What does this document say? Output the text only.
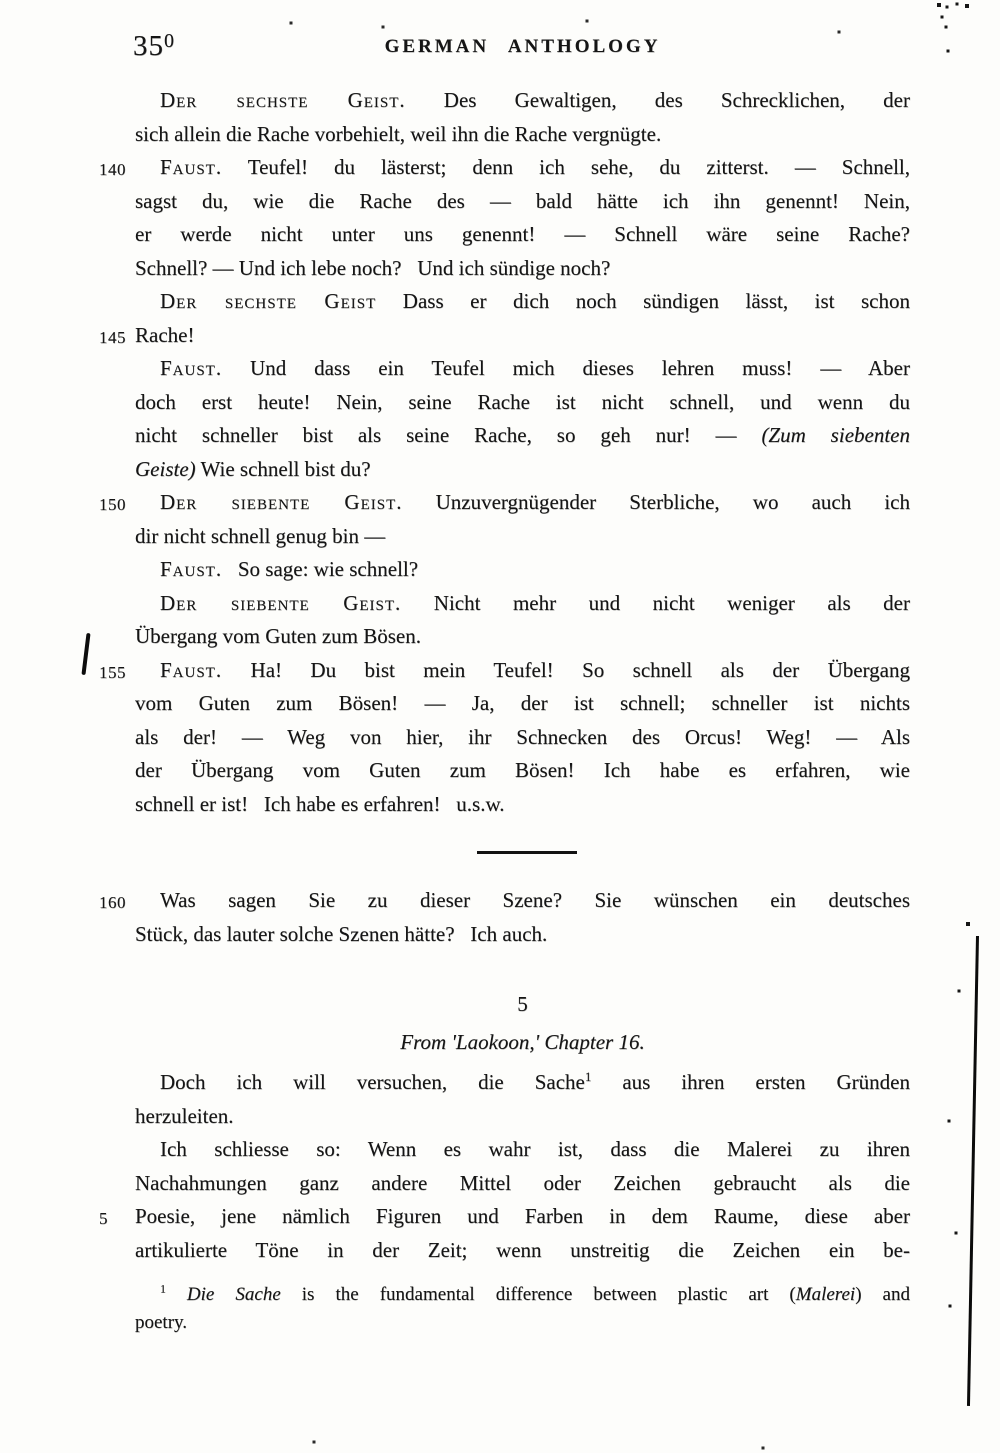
350	GERMAN ANTHOLOGY
Der sechste Geist. Des Gewaltigen, des Schrecklichen, der
sich allein die Rache vorbehielt, weil ihn die Rache vergnügte.
140	Faust. Teufel! du lästerst; denn ich sehe, du zitterst. — Schnell,
sagst du, wie die Rache des — bald hätte ich ihn genennt! Nein,
er werde nicht unter uns genennt! — Schnell wäre seine Rache?
Schnell? — Und ich lebe noch?  Und ich sündige noch?
Der sechste Geist Dass er dich noch sündigen lässt, ist schon
145 Rache!
Faust. Und dass ein Teufel mich dieses lehren muss! — Aber
doch erst heute! Nein, seine Rache ist nicht schnell, und wenn du
nicht schneller bist als seine Rache, so geh nur! — (Zum siebenten
Geiste) Wie schnell bist du?
150	Der siebente Geist. Unzuvergnügender Sterbliche, wo auch ich
dir nicht schnell genug bin —
Faust.  So sage: wie schnell?
Der siebente Geist. Nicht mehr und nicht weniger als der
Übergang vom Guten zum Bösen.
155	Faust. Ha! Du bist mein Teufel! So schnell als der Übergang
vom Guten zum Bösen! — Ja, der ist schnell; schneller ist nichts
als der! — Weg von hier, ihr Schnecken des Orcus! Weg! — Als
der Übergang vom Guten zum Bösen! Ich habe es erfahren, wie
schnell er ist!  Ich habe es erfahren!  u.s.w.
160	Was sagen Sie zu dieser Szene? Sie wünschen ein deutsches
Stück, das lauter solche Szenen hätte?  Ich auch.
5
From 'Laokoon,' Chapter 16.
Doch ich will versuchen, die Sache$^1$ aus ihren ersten Gründen
herzuleiten.
Ich schliesse so: Wenn es wahr ist, dass die Malerei zu ihren
Nachahmungen ganz andere Mittel oder Zeichen gebraucht als die
5	Poesie, jene nämlich Figuren und Farben in dem Raume, diese aber
artikulierte Töne in der Zeit; wenn unstreitig die Zeichen ein be-
$^1$ Die Sache is the fundamental difference between plastic art (Malerei) and
poetry.
